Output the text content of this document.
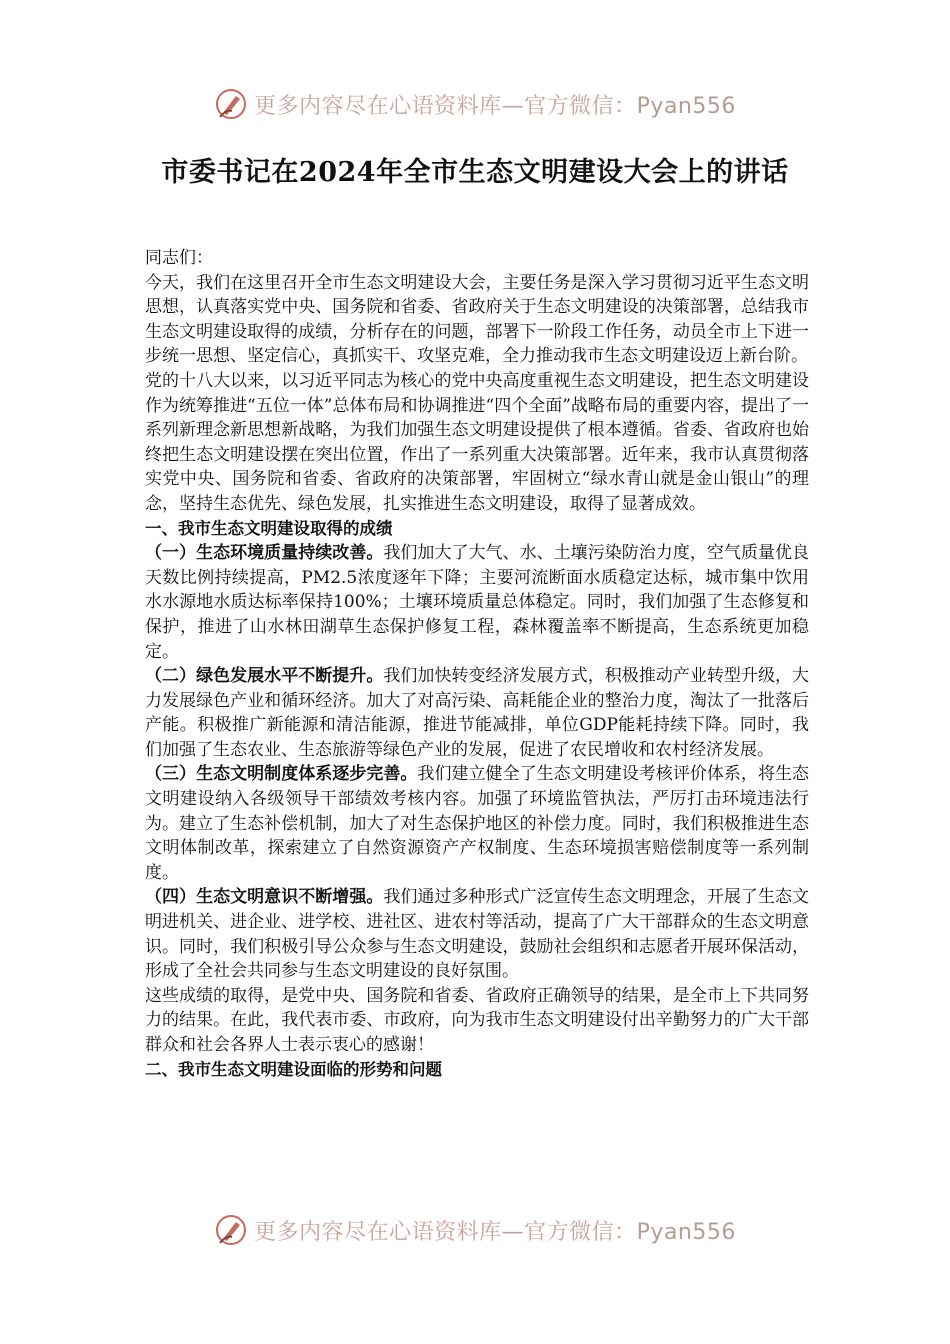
更多内容尽在心语资料库—官方微信：Pyan556
市委书记在2024年全市生态文明建设大会上的讲话

同志们：

今天，我们在这里召开全市生态文明建设大会，主要任务是深入学习贯彻习近平生态文明思想，认真落实党中央、国务院和省委、省政府关于生态文明建设的决策部署，总结我市生态文明建设取得的成绩，分析存在的问题，部署下一阶段工作任务，动员全市上下进一步统一思想、坚定信心，真抓实干、攻坚克难，全力推动我市生态文明建设迈上新台阶。

党的十八大以来，以习近平同志为核心的党中央高度重视生态文明建设，把生态文明建设作为统筹推进“五位一体”总体布局和协调推进“四个全面”战略布局的重要内容，提出了一系列新理念新思想新战略，为我们加强生态文明建设提供了根本遵循。省委、省政府也始终把生态文明建设摆在突出位置，作出了一系列重大决策部署。近年来，我市认真贯彻落实党中央、国务院和省委、省政府的决策部署，牢固树立“绿水青山就是金山银山”的理念，坚持生态优先、绿色发展，扎实推进生态文明建设，取得了显著成效。

一、我市生态文明建设取得的成绩

（一）生态环境质量持续改善。我们加大了大气、水、土壤污染防治力度，空气质量优良天数比例持续提高，PM2.5浓度逐年下降；主要河流断面水质稳定达标，城市集中饮用水水源地水质达标率保持100%；土壤环境质量总体稳定。同时，我们加强了生态修复和保护，推进了山水林田湖草生态保护修复工程，森林覆盖率不断提高，生态系统更加稳定。

（二）绿色发展水平不断提升。我们加快转变经济发展方式，积极推动产业转型升级，大力发展绿色产业和循环经济。加大了对高污染、高耗能企业的整治力度，淘汰了一批落后产能。积极推广新能源和清洁能源，推进节能减排，单位GDP能耗持续下降。同时，我们加强了生态农业、生态旅游等绿色产业的发展，促进了农民增收和农村经济发展。

（三）生态文明制度体系逐步完善。我们建立健全了生态文明建设考核评价体系，将生态文明建设纳入各级领导干部绩效考核内容。加强了环境监管执法，严厉打击环境违法行为。建立了生态补偿机制，加大了对生态保护地区的补偿力度。同时，我们积极推进生态文明体制改革，探索建立了自然资源资产产权制度、生态环境损害赔偿制度等一系列制度。

（四）生态文明意识不断增强。我们通过多种形式广泛宣传生态文明理念，开展了生态文明进机关、进企业、进学校、进社区、进农村等活动，提高了广大干部群众的生态文明意识。同时，我们积极引导公众参与生态文明建设，鼓励社会组织和志愿者开展环保活动，形成了全社会共同参与生态文明建设的良好氛围。

这些成绩的取得，是党中央、国务院和省委、省政府正确领导的结果，是全市上下共同努力的结果。在此，我代表市委、市政府，向为我市生态文明建设付出辛勤努力的广大干部群众和社会各界人士表示衷心的感谢！

二、我市生态文明建设面临的形势和问题

更多内容尽在心语资料库—官方微信：Pyan556
